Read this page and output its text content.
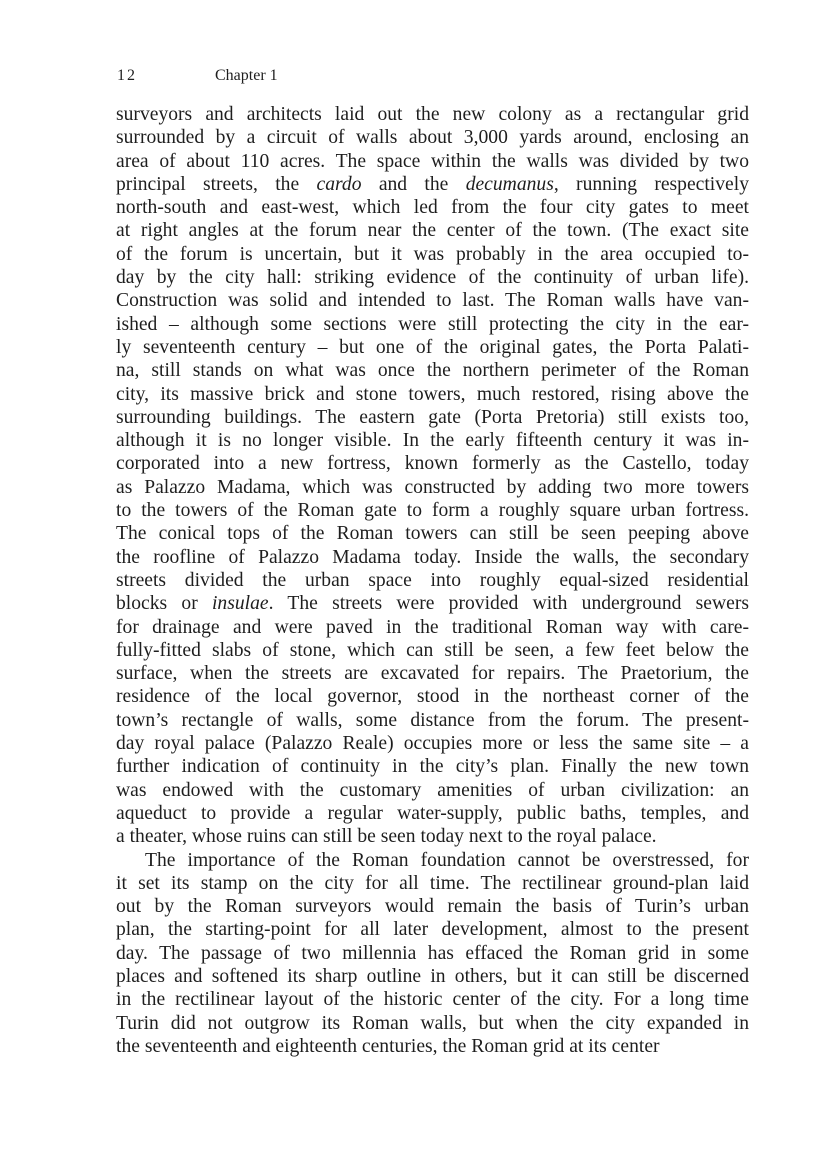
12	Chapter 1
surveyors and architects laid out the new colony as a rectangular grid
surrounded by a circuit of walls about 3,000 yards around, enclosing an
area of about 110 acres. The space within the walls was divided by two
principal streets, the cardo and the decumanus, running respectively
north-south and east-west, which led from the four city gates to meet
at right angles at the forum near the center of the town. (The exact site
of the forum is uncertain, but it was probably in the area occupied to-
day by the city hall: striking evidence of the continuity of urban life).
Construction was solid and intended to last. The Roman walls have van-
ished – although some sections were still protecting the city in the ear-
ly seventeenth century – but one of the original gates, the Porta Palati-
na, still stands on what was once the northern perimeter of the Roman
city, its massive brick and stone towers, much restored, rising above the
surrounding buildings. The eastern gate (Porta Pretoria) still exists too,
although it is no longer visible. In the early fifteenth century it was in-
corporated into a new fortress, known formerly as the Castello, today
as Palazzo Madama, which was constructed by adding two more towers
to the towers of the Roman gate to form a roughly square urban fortress.
The conical tops of the Roman towers can still be seen peeping above
the roofline of Palazzo Madama today. Inside the walls, the secondary
streets divided the urban space into roughly equal-sized residential
blocks or insulae. The streets were provided with underground sewers
for drainage and were paved in the traditional Roman way with care-
fully-fitted slabs of stone, which can still be seen, a few feet below the
surface, when the streets are excavated for repairs. The Praetorium, the
residence of the local governor, stood in the northeast corner of the
town’s rectangle of walls, some distance from the forum. The present-
day royal palace (Palazzo Reale) occupies more or less the same site – a
further indication of continuity in the city’s plan. Finally the new town
was endowed with the customary amenities of urban civilization: an
aqueduct to provide a regular water-supply, public baths, temples, and
a theater, whose ruins can still be seen today next to the royal palace.
The importance of the Roman foundation cannot be overstressed, for
it set its stamp on the city for all time. The rectilinear ground-plan laid
out by the Roman surveyors would remain the basis of Turin’s urban
plan, the starting-point for all later development, almost to the present
day. The passage of two millennia has effaced the Roman grid in some
places and softened its sharp outline in others, but it can still be discerned
in the rectilinear layout of the historic center of the city. For a long time
Turin did not outgrow its Roman walls, but when the city expanded in
the seventeenth and eighteenth centuries, the Roman grid at its center
